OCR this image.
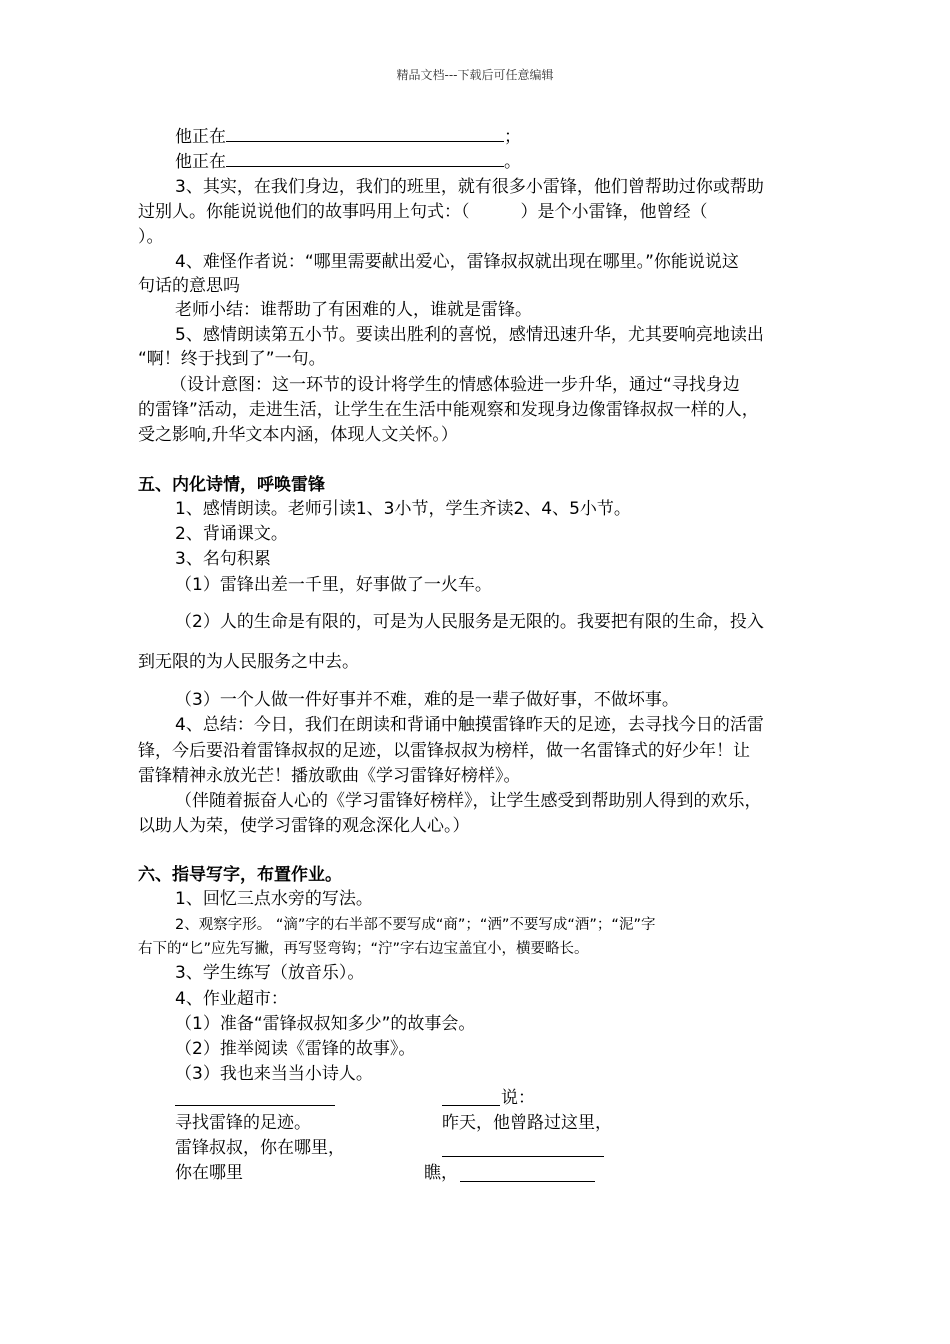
精品文档---下载后可任意编辑
他正在	；
他正在	。
3、其实，在我们身边，我们的班里，就有很多小雷锋，他们曾帮助过你或帮助
过别人。你能说说他们的故事吗用上句式：（　　　）是个小雷锋，他曾经（
）。
4、难怪作者说：“哪里需要献出爱心，雷锋叔叔就出现在哪里。”你能说说这
句话的意思吗
老师小结：谁帮助了有困难的人，谁就是雷锋。
5、感情朗读第五小节。要读出胜利的喜悦，感情迅速升华，尤其要响亮地读出
“啊！终于找到了”一句。
（设计意图：这一环节的设计将学生的情感体验进一步升华，通过“寻找身边
的雷锋”活动，走进生活，让学生在生活中能观察和发现身边像雷锋叔叔一样的人，
受之影响,升华文本内涵，体现人文关怀。）
五、内化诗情，呼唤雷锋
1、感情朗读。老师引读1、3小节，学生齐读2、4、5小节。
2、背诵课文。
3、名句积累
（1）雷锋出差一千里，好事做了一火车。
（2）人的生命是有限的，可是为人民服务是无限的。我要把有限的生命，投入
到无限的为人民服务之中去。
（3）一个人做一件好事并不难，难的是一辈子做好事，不做坏事。
4、总结：今日，我们在朗读和背诵中触摸雷锋昨天的足迹，去寻找今日的活雷
锋，今后要沿着雷锋叔叔的足迹，以雷锋叔叔为榜样，做一名雷锋式的好少年！让
雷锋精神永放光芒！播放歌曲《学习雷锋好榜样》。
（伴随着振奋人心的《学习雷锋好榜样》，让学生感受到帮助别人得到的欢乐，
以助人为荣，使学习雷锋的观念深化人心。）
六、指导写字，布置作业。
1、回忆三点水旁的写法。
2、观察字形。 “滴”字的右半部不要写成“商”；“洒”不要写成“酒”；“泥”字
右下的“匕”应先写撇，再写竖弯钩；“泞”字右边宝盖宜小，横要略长。
3、学生练写（放音乐）。
4、作业超市：
（1）准备“雷锋叔叔知多少”的故事会。
（2）推举阅读《雷锋的故事》。
（3）我也来当当小诗人。
说：
寻找雷锋的足迹。	昨天，他曾路过这里，
雷锋叔叔，你在哪里，
你在哪里	瞧，
